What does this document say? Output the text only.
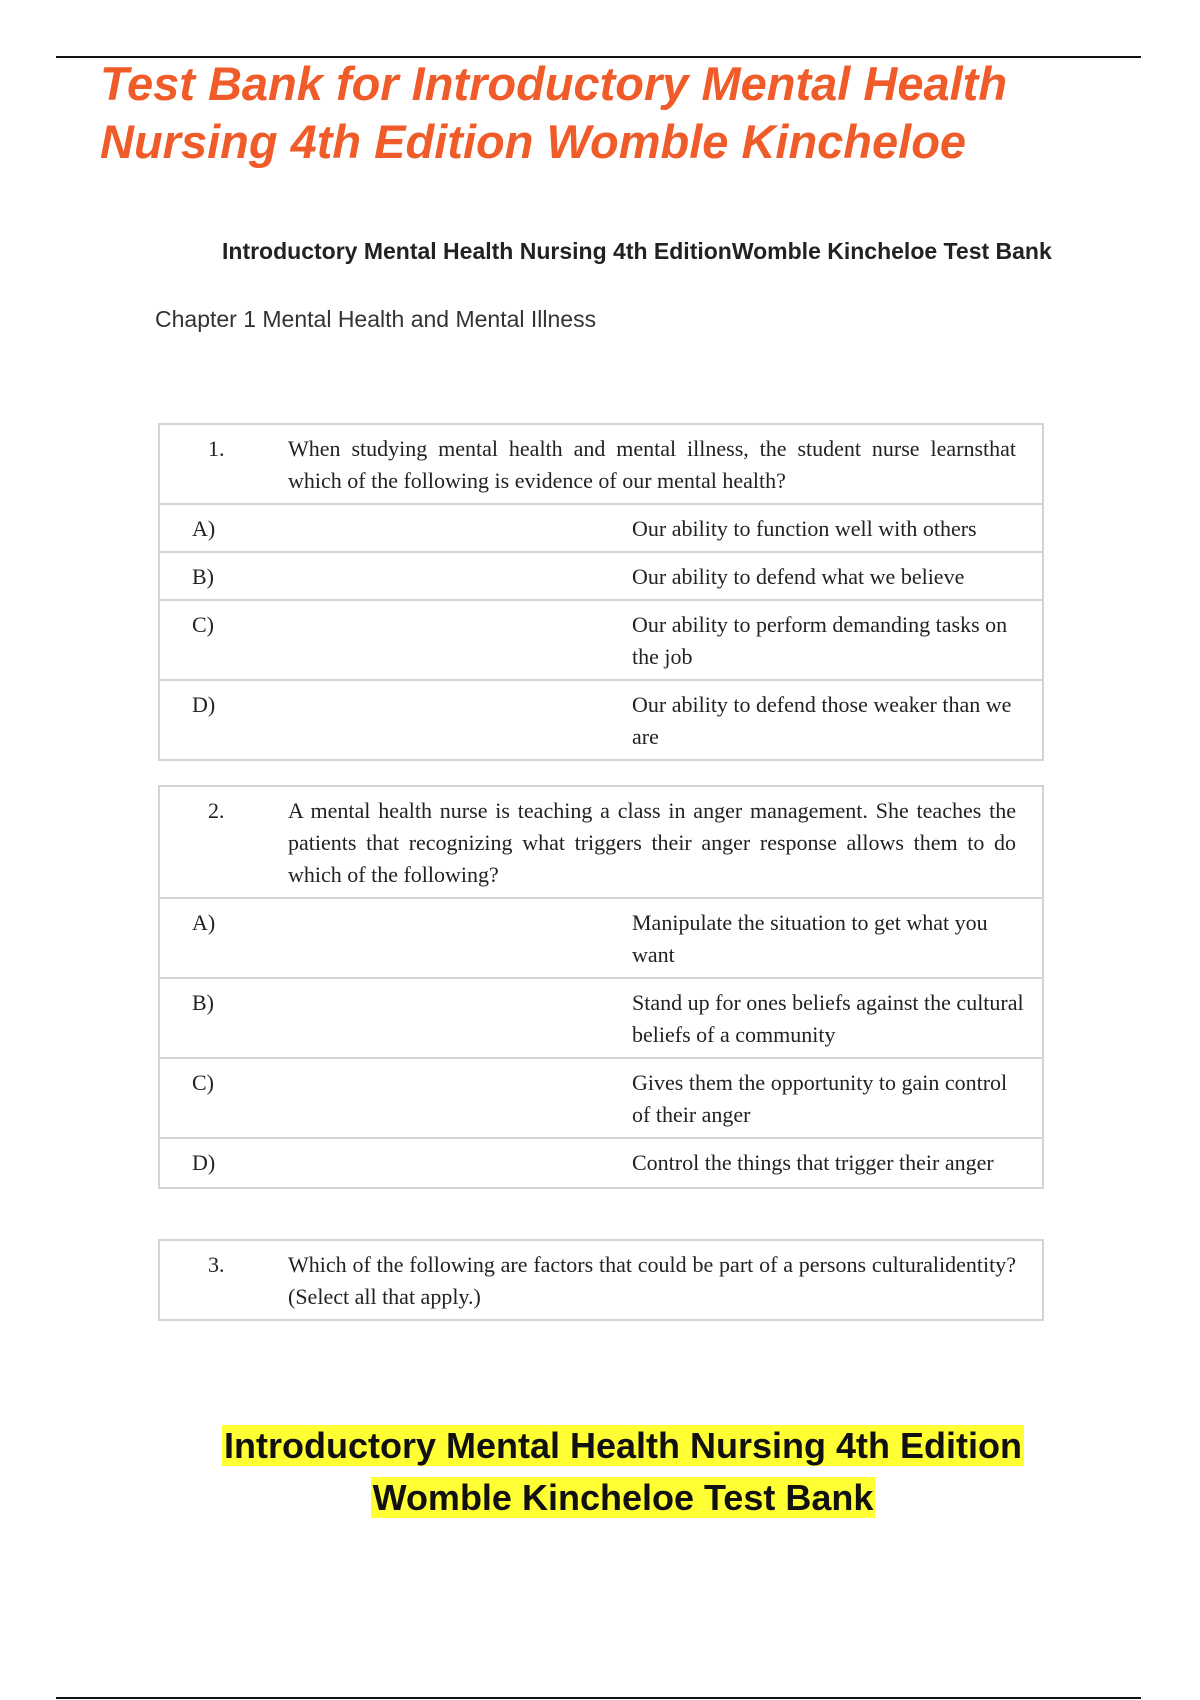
Test Bank for Introductory Mental Health
Nursing 4th Edition Womble Kincheloe
Introductory Mental Health Nursing 4th EditionWomble Kincheloe Test Bank
Chapter 1 Mental Health and Mental Illness
1.	When studying mental health and mental illness, the student nurse learnsthat which of the following is evidence of our mental health?
A)	Our ability to function well with others
B)	Our ability to defend what we believe
C)	Our ability to perform demanding tasks on the job
D)	Our ability to defend those weaker than we are
2.	A mental health nurse is teaching a class in anger management. She teaches the patients that recognizing what triggers their anger response allows them to do which of the following?
A)	Manipulate the situation to get what you want
B)	Stand up for ones beliefs against the cultural beliefs of a community
C)	Gives them the opportunity to gain control of their anger
D)	Control the things that trigger their anger
3.	Which of the following are factors that could be part of a persons culturalidentity? (Select all that apply.)
Introductory Mental Health Nursing 4th Edition
Womble Kincheloe Test Bank
